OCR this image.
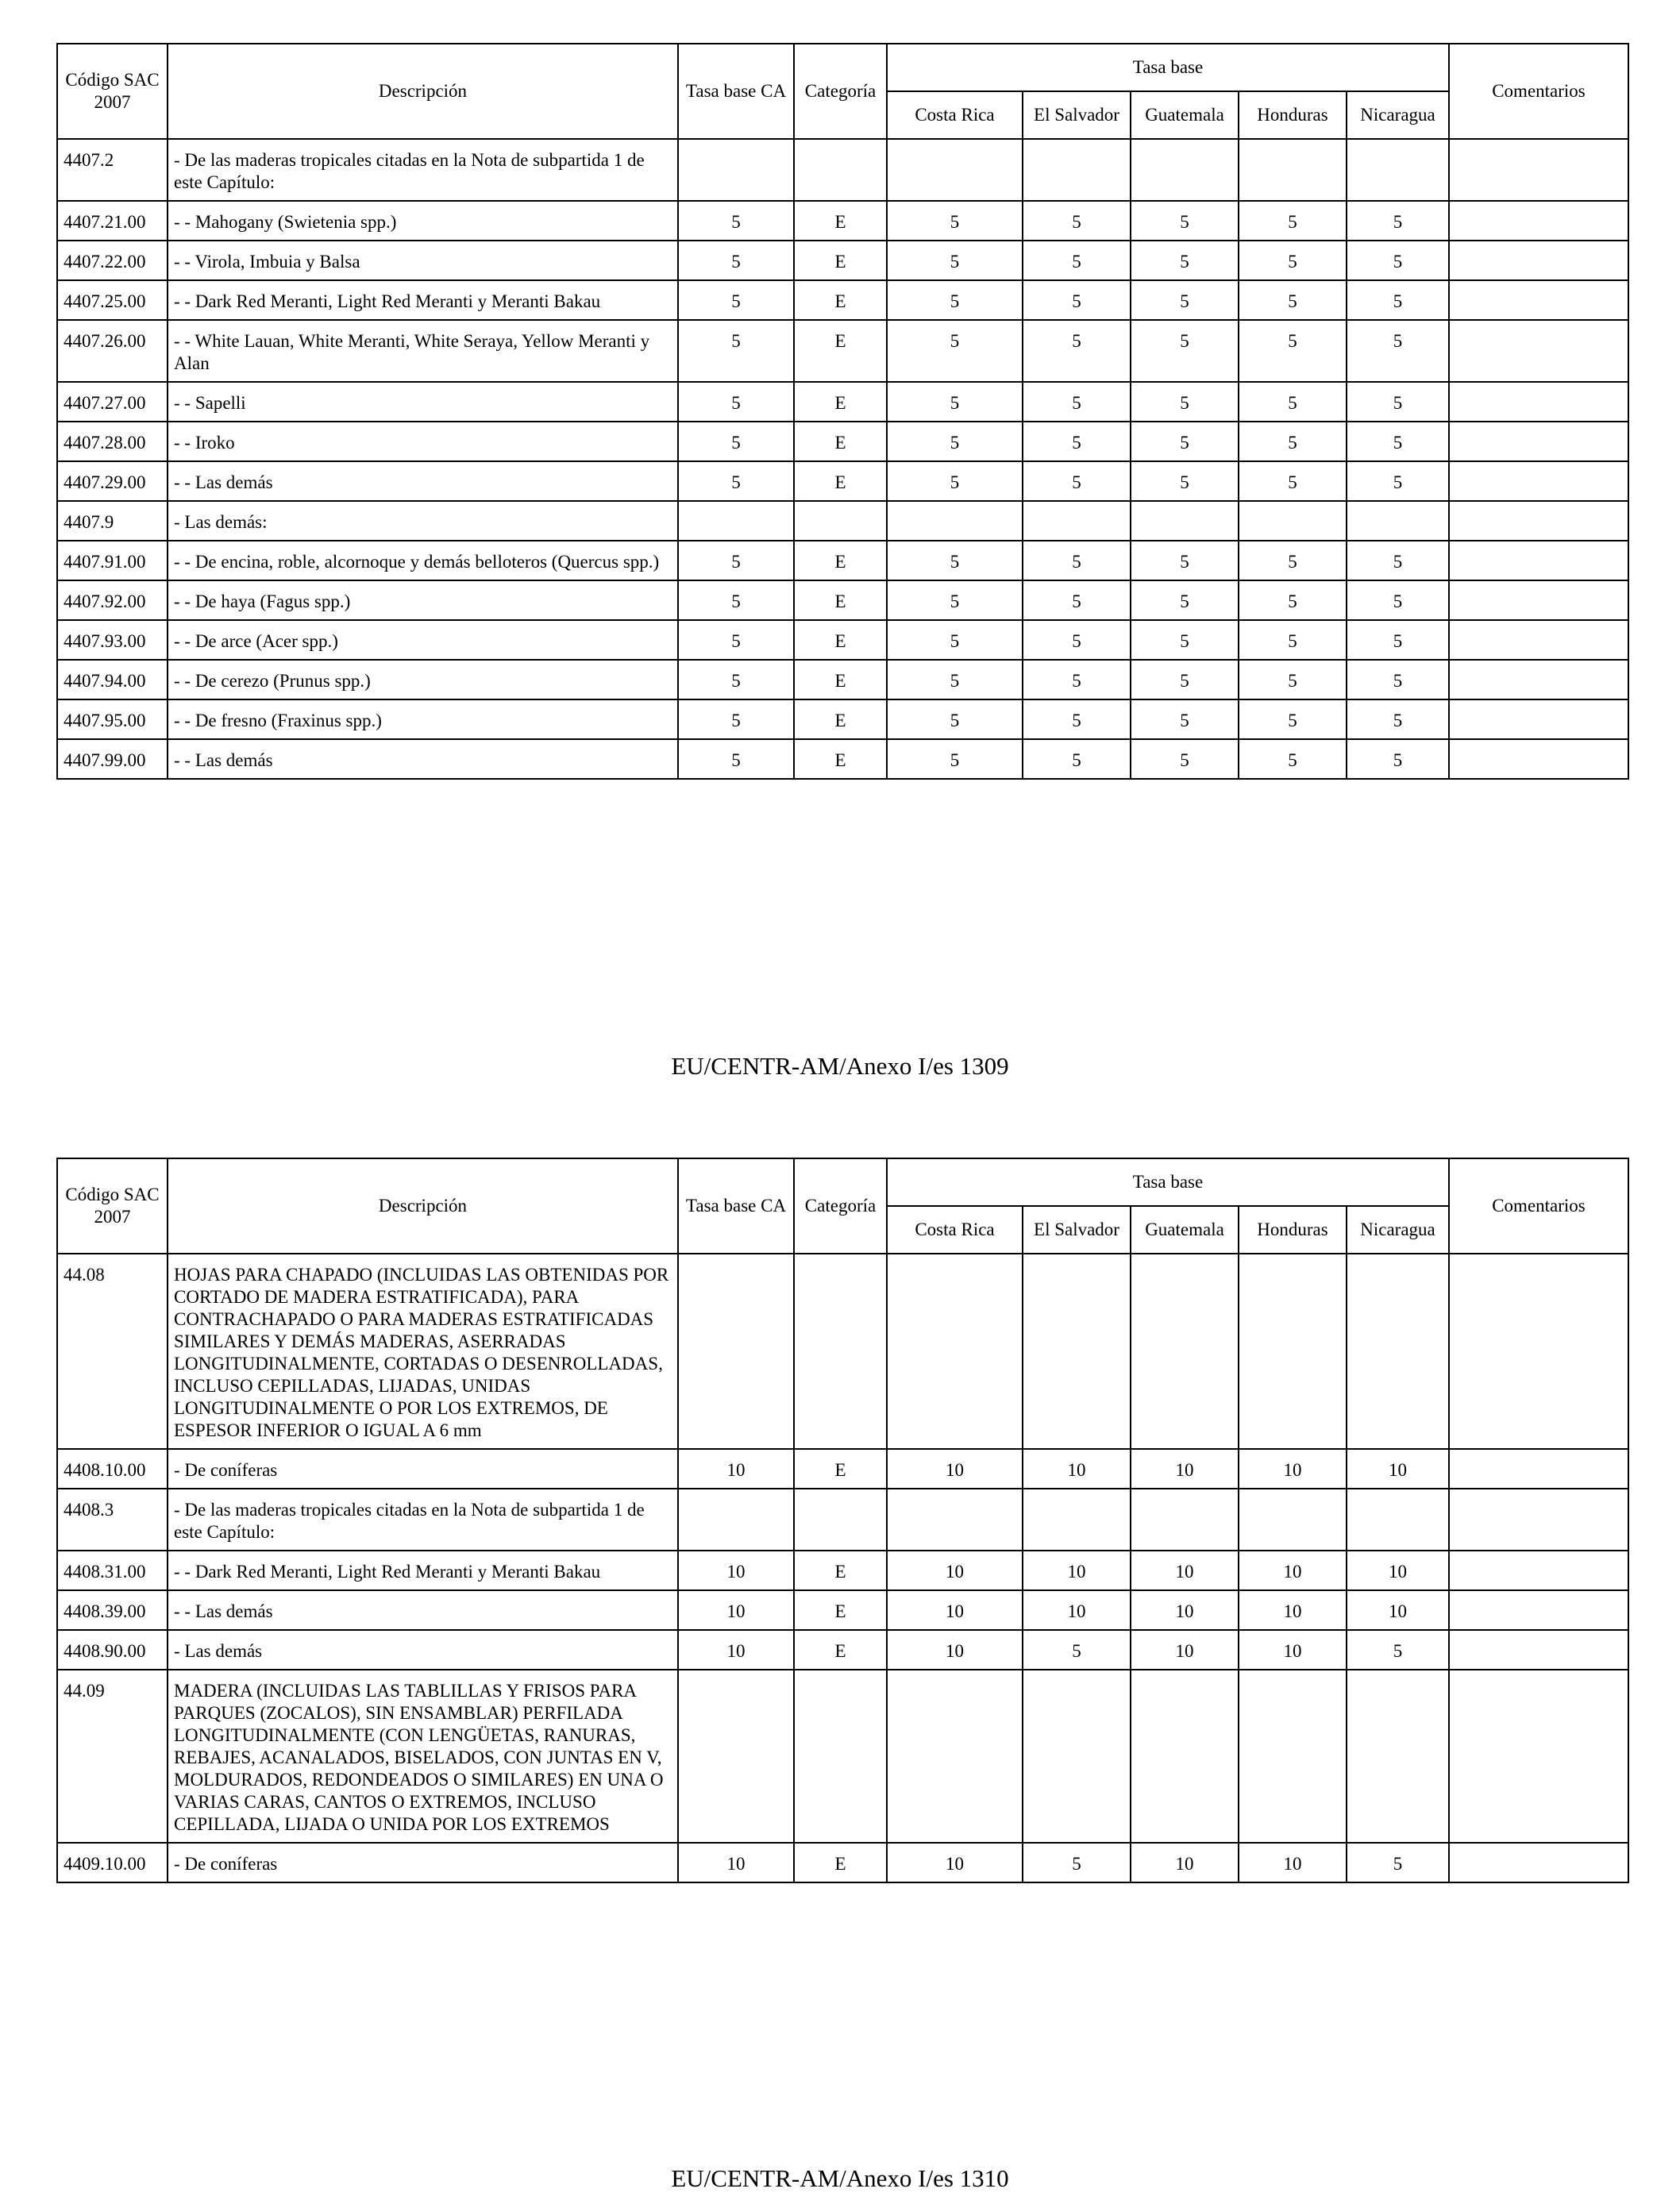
Código SAC 2007	Descripción	Tasa base CA	Categoría	Tasa base					Comentarios
				Costa Rica	El Salvador	Guatemala	Honduras	Nicaragua	
4407.2	- De las maderas tropicales citadas en la Nota de subpartida 1 de este Capítulo:								
4407.21.00	- - Mahogany (Swietenia spp.)	5	E	5	5	5	5	5	
4407.22.00	- - Virola, Imbuia y Balsa	5	E	5	5	5	5	5	
4407.25.00	- - Dark Red Meranti, Light Red Meranti y Meranti Bakau	5	E	5	5	5	5	5	
4407.26.00	- - White Lauan, White Meranti, White Seraya, Yellow Meranti y Alan	5	E	5	5	5	5	5	
4407.27.00	- - Sapelli	5	E	5	5	5	5	5	
4407.28.00	- - Iroko	5	E	5	5	5	5	5	
4407.29.00	- - Las demás	5	E	5	5	5	5	5	
4407.9	- Las demás:								
4407.91.00	- - De encina, roble, alcornoque y demás belloteros (Quercus spp.)	5	E	5	5	5	5	5	
4407.92.00	- - De haya (Fagus spp.)	5	E	5	5	5	5	5	
4407.93.00	- - De arce (Acer spp.)	5	E	5	5	5	5	5	
4407.94.00	- - De cerezo (Prunus spp.)	5	E	5	5	5	5	5	
4407.95.00	- - De fresno (Fraxinus spp.)	5	E	5	5	5	5	5	
4407.99.00	- - Las demás	5	E	5	5	5	5	5	
EU/CENTR-AM/Anexo I/es 1309
Código SAC 2007	Descripción	Tasa base CA	Categoría	Tasa base					Comentarios
				Costa Rica	El Salvador	Guatemala	Honduras	Nicaragua	
44.08	HOJAS PARA CHAPADO (INCLUIDAS LAS OBTENIDAS POR CORTADO DE MADERA ESTRATIFICADA), PARA CONTRACHAPADO O PARA MADERAS ESTRATIFICADAS SIMILARES Y DEMÁS MADERAS, ASERRADAS LONGITUDINALMENTE, CORTADAS O DESENROLLADAS, INCLUSO CEPILLADAS, LIJADAS, UNIDAS LONGITUDINALMENTE O POR LOS EXTREMOS, DE ESPESOR INFERIOR O IGUAL A 6 mm								
4408.10.00	- De coníferas	10	E	10	10	10	10	10	
4408.3	- De las maderas tropicales citadas en la Nota de subpartida 1 de este Capítulo:								
4408.31.00	- - Dark Red Meranti, Light Red Meranti y Meranti Bakau	10	E	10	10	10	10	10	
4408.39.00	- - Las demás	10	E	10	10	10	10	10	
4408.90.00	- Las demás	10	E	10	5	10	10	5	
44.09	MADERA (INCLUIDAS LAS TABLILLAS Y FRISOS PARA PARQUES (ZOCALOS), SIN ENSAMBLAR) PERFILADA LONGITUDINALMENTE (CON LENGÜETAS, RANURAS, REBAJES, ACANALADOS, BISELADOS, CON JUNTAS EN V, MOLDURADOS, REDONDEADOS O SIMILARES) EN UNA O VARIAS CARAS, CANTOS O EXTREMOS, INCLUSO CEPILLADA, LIJADA O UNIDA POR LOS EXTREMOS								
4409.10.00	- De coníferas	10	E	10	5	10	10	5	
EU/CENTR-AM/Anexo I/es 1310
